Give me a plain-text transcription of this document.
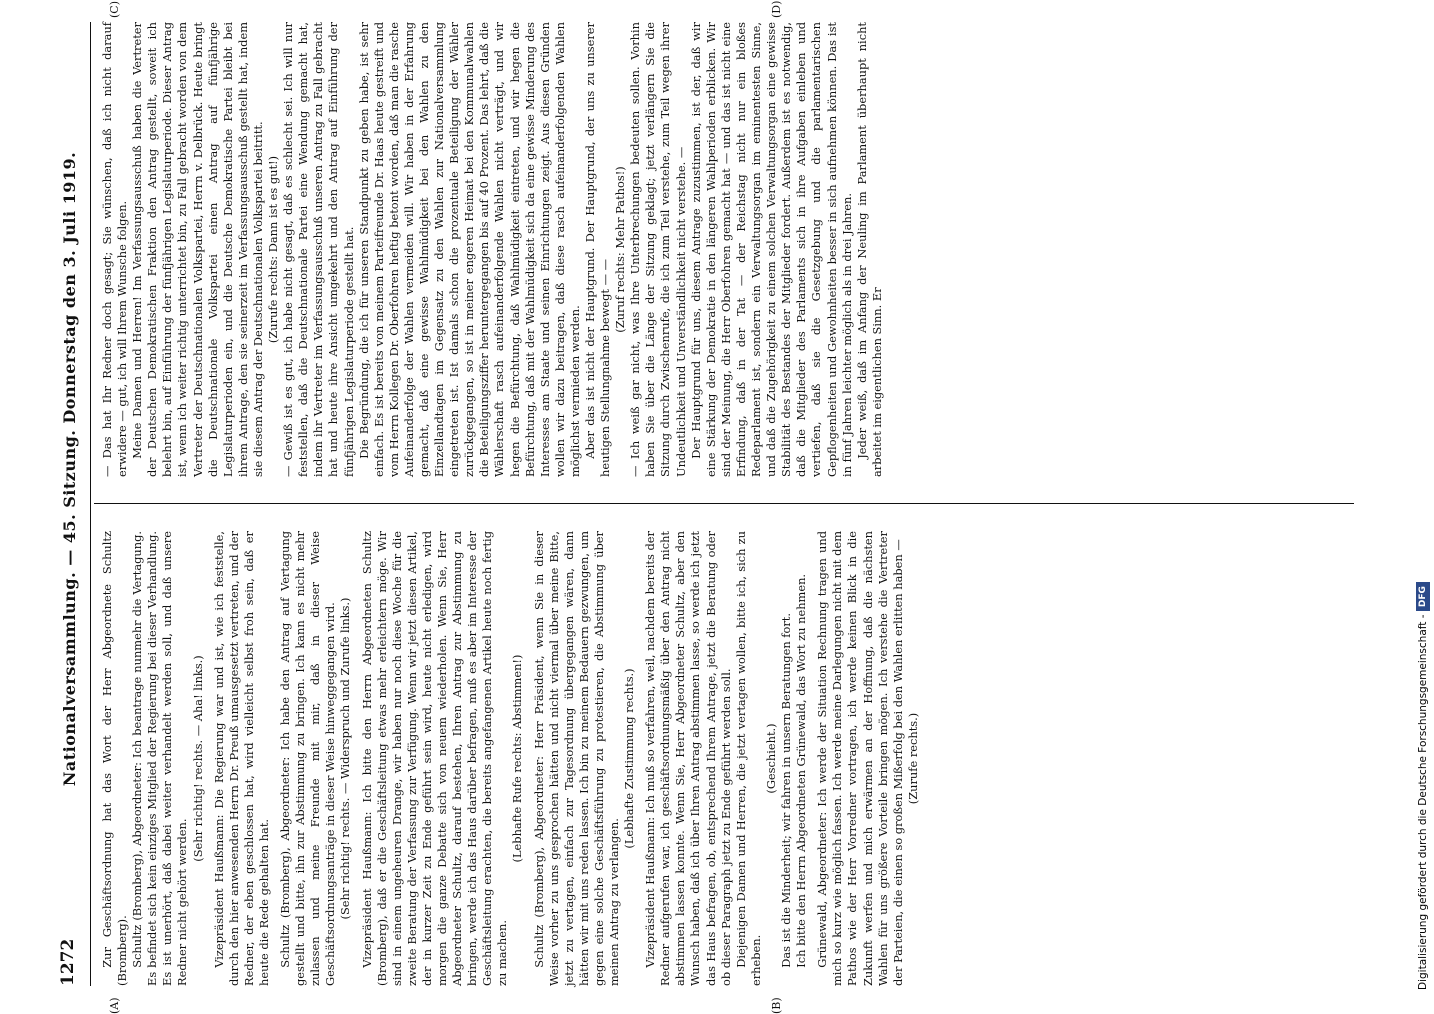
1272
Nationalversammlung. — 45. Sitzung. Donnerstag den 3. Juli 1919.
(A)	(B)
(C)	(D)

Zur Geschäftsordnung hat das Wort der Herr Abgeordnete Schultz (Bromberg). Schultz (Bromberg), Abgeordneter: Ich beantrage nunmehr die Vertagung. Es befindet sich kein einziges Mitglied der Regierung bei dieser Verhandlung. Es ist unerhört, daß dabei weiter verhandelt werden soll, und daß unsere Redner nicht gehört werden.

(Sehr richtig! rechts. — Aha! links.) Vizepräsident Haußmann: Die Regierung war und ist, wie ich feststelle, durch den hier anwesenden Herrn Dr. Preuß umausgesetzt vertreten, und der Redner, der eben geschlossen hat, wird vielleicht selbst froh sein, daß er heute die Rede gehalten hat. Schultz (Bromberg), Abgeordneter: Ich habe den Antrag auf Vertagung gestellt und bitte, ihn zur Abstimmung zu bringen. Ich kann es nicht mehr zulassen und meine Freunde mit mir, daß in dieser Weise Geschäftsordnungsanträge in dieser Weise hinweggegangen wird. (Sehr richtig! rechts. — Widerspruch und Zurufe links.) Vizepräsident Haußmann: Ich bitte den Herrn Abgeordneten Schultz (Bromberg), daß er die Geschäftsleitung etwas mehr erleichtern möge. Wir sind in einem ungeheuren Drange, wir haben nur noch diese Woche für die zweite Beratung der Verfassung zur Verfügung. Wenn wir jetzt diesen Artikel, der in kurzer Zeit zu Ende geführt sein wird, heute nicht erledigen, wird morgen die ganze Debatte sich von neuem wiederholen. Wenn Sie, Herr Abgeordneter Schultz, darauf bestehen, Ihren Antrag zur Abstimmung zu bringen, werde ich das Haus darüber befragen, muß es aber im Interesse der Geschäftsleitung erachten, die bereits angefangenen Artikel heute noch fertig zu machen.

(Lebhafte Rufe rechts: Abstimmen!) Schultz (Bromberg), Abgeordneter: Herr Präsident, wenn Sie in dieser Weise vorher zu uns gesprochen hätten und nicht viermal über meine Bitte, jetzt zu vertagen, einfach zur Tagesordnung übergegangen wären, dann hätten wir mit uns reden lassen. Ich bin zu meinem Bedauern gezwungen, um gegen eine solche Geschäftsführung zu protestieren, die Abstimmung über meinen Antrag zu verlangen.

(Lebhafte Zustimmung rechts.) Vizepräsident Haußmann: Ich muß so verfahren, weil, nachdem bereits der Redner aufgerufen war, ich geschäftsordnungsmäßig über den Antrag nicht abstimmen lassen konnte. Wenn Sie, Herr Abgeordneter Schultz, aber den Wunsch haben, daß ich über Ihren Antrag abstimmen lasse, so werde ich jetzt das Haus befragen, ob, entsprechend Ihrem Antrage, jetzt die Beratung oder ob dieser Paragraph jetzt zu Ende geführt werden soll. Diejenigen Damen und Herren, die jetzt vertagen wollen, bitte ich, sich zu erheben.

(Geschieht.) Das ist die Minderheit; wir fahren in unsern Beratungen fort. Ich bitte den Herrn Abgeordneten Grünewald, das Wort zu nehmen. Grünewald, Abgeordneter: Ich werde der Situation Rechnung tragen und mich so kurz wie möglich fassen. Ich werde meine Darlegungen nicht mit dem Pathos wie der Herr Vorredner vortragen, ich werde keinen Blick in die Zukunft werfen und mich erwärmen an der Hoffnung, daß die nächsten Wahlen für uns größere Vorteile bringen mögen. Ich verstehe die Vertreter der Parteien, die einen so großen Mißerfolg bei den Wahlen erlitten haben — (Zurufe rechts.)

— Das hat Ihr Redner doch gesagt; Sie wünschen, daß ich nicht darauf erwidere — gut, ich will Ihrem Wunsche folgen. Meine Damen und Herren! Im Verfassungsausschuß haben die Vertreter der Deutschen Demokratischen Fraktion den Antrag gestellt, soweit ich belehrt bin, auf Einführung der fünfjährigen Legislaturperiode. Dieser Antrag ist, wenn ich weiter richtig unterrichtet bin, zu Fall gebracht worden von dem Vertreter der Deutschnationalen Volkspartei, Herrn v. Delbrück. Heute bringt die Deutschnationale Volkspartei einen Antrag auf fünfjährige Legislaturperioden ein, und die Deutsche Demokratische Partei bleibt bei ihrem Antrage, den sie seinerzeit im Verfassungsausschuß gestellt hat, indem sie diesem Antrag der Deutschnationalen Volkspartei beitritt. (Zurufe rechts: Dann ist es gut!) — Gewiß ist es gut, ich habe nicht gesagt, daß es schlecht sei. Ich will nur feststellen, daß die Deutschnationale Partei eine Wendung gemacht hat, indem ihr Vertreter im Verfassungsausschuß unseren Antrag zu Fall gebracht hat und heute ihre Ansicht umgekehrt und den Antrag auf Einführung der fünfjährigen Legislaturperiode gestellt hat. Die Begründung, die ich für unseren Standpunkt zu geben habe, ist sehr einfach. Es ist bereits von meinem Parteifreunde Dr. Haas heute gestreift und vom Herrn Kollegen Dr. Oberfohren heftig betont worden, daß man die rasche Aufeinanderfolge der Wahlen vermeiden will. Wir haben in der Erfahrung gemacht, daß eine gewisse Wahlmüdigkeit bei den Wahlen zu den Einzellandtagen im Gegensatz zu den Wahlen zur Nationalversammlung eingetreten ist. Ist damals schon die prozentuale Beteiligung der Wähler zurückgegangen, so ist in meiner engeren Heimat bei den Kommunalwahlen die Beteiligungsziffer heruntergegangen bis auf 40 Prozent. Das lehrt, daß die Wählerschaft rasch aufeinanderfolgende Wahlen nicht verträgt, und wir hegen die Befürchtung, daß Wahlmüdigkeit eintreten, und wir hegen die Befürchtung, daß mit der Wahlmüdigkeit sich da eine gewisse Minderung des Interesses am Staate und seinen Einrichtungen zeigt. Aus diesen Gründen wollen wir dazu beitragen, daß diese rasch aufeinanderfolgenden Wahlen möglichst vermieden werden. Aber das ist nicht der Hauptgrund. Der Hauptgrund, der uns zu unserer heutigen Stellungnahme bewegt — —

(Zuruf rechts: Mehr Pathos!) — Ich weiß gar nicht, was Ihre Unterbrechungen bedeuten sollen. Vorhin haben Sie über die Länge der Sitzung geklagt; jetzt verlängern Sie die Sitzung durch Zwischenrufe, die ich zum Teil verstehe, zum Teil wegen ihrer Undeutlichkeit und Unverständlichkeit nicht verstehe. — Der Hauptgrund für uns, diesem Antrage zuzustimmen, ist der, daß wir eine Stärkung der Demokratie in den längeren Wahlperioden erblicken. Wir sind der Meinung, die Herr Oberfohren gemacht hat — und das ist nicht eine Erfindung, daß in der Tat — der Reichstag nicht nur ein bloßes Redeparlament ist, sondern ein Verwaltungsorgan im eminentesten Sinne, und daß die Zugehörigkeit zu einem solchen Verwaltungsorgan eine gewisse Stabilität des Bestandes der Mitglieder fordert. Außerdem ist es notwendig, daß die Mitglieder des Parlaments sich in ihre Aufgaben einleben und vertiefen, daß sie die Gesetzgebung und die parlamentarischen Gepflogenheiten und Gewohnheiten besser in sich aufnehmen können. Das ist in fünf Jahren leichter möglich als in drei Jahren. Jeder weiß, daß im Anfang der Neuling im Parlament überhaupt nicht arbeitet im eigentlichen Sinn. Er

Digitalisierung gefördert durch die Deutsche Forschungsgemeinschaft - DFG
